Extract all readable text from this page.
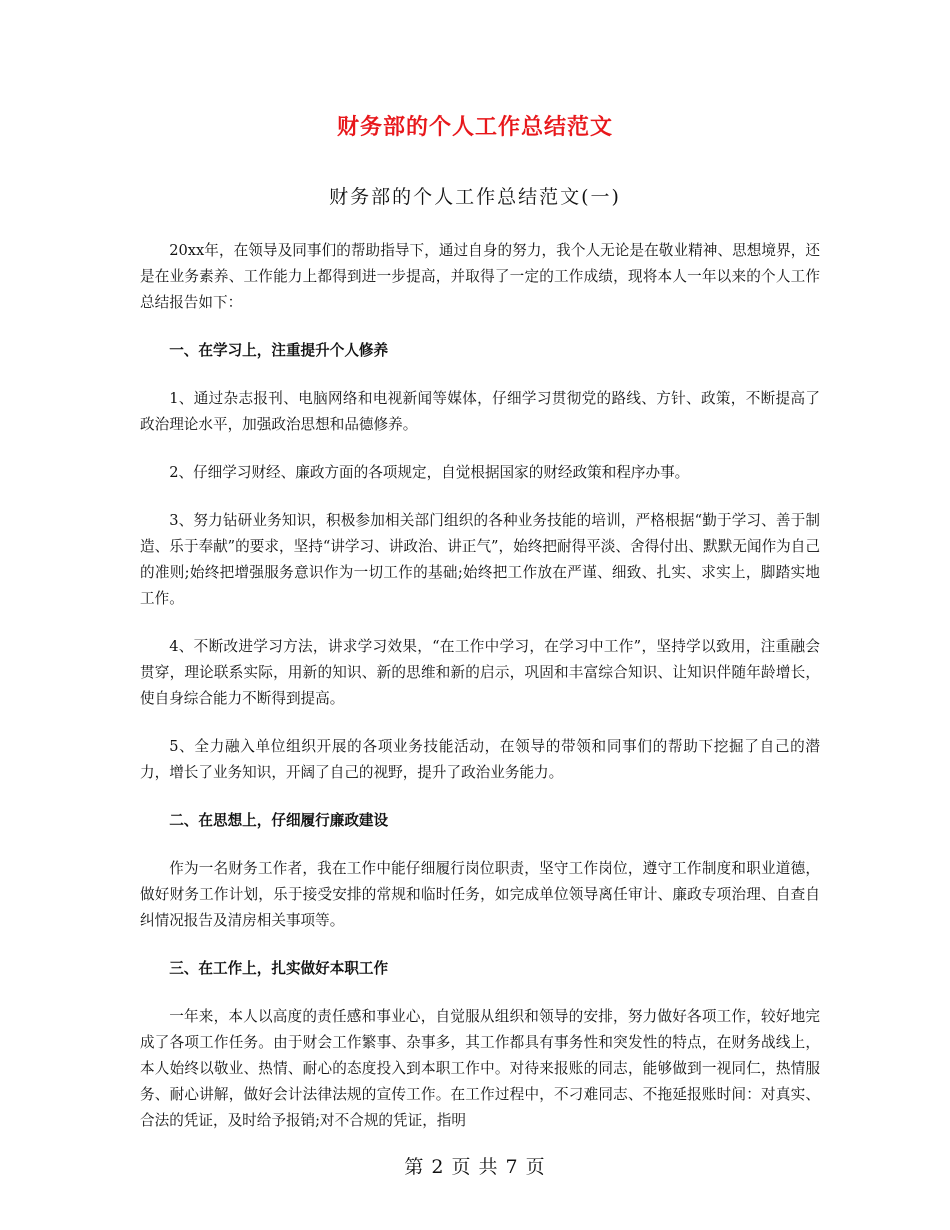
财务部的个人工作总结范文
财务部的个人工作总结范文(一)

20xx年，在领导及同事们的帮助指导下，通过自身的努力，我个人无论是在敬业精神、思想境界，还是在业务素养、工作能力上都得到进一步提高，并取得了一定的工作成绩，现将本人一年以来的个人工作总结报告如下：

一、在学习上，注重提升个人修养

1、通过杂志报刊、电脑网络和电视新闻等媒体，仔细学习贯彻党的路线、方针、政策，不断提高了政治理论水平，加强政治思想和品德修养。

2、仔细学习财经、廉政方面的各项规定，自觉根据国家的财经政策和程序办事。

3、努力钻研业务知识，积极参加相关部门组织的各种业务技能的培训，严格根据“勤于学习、善于制造、乐于奉献”的要求，坚持“讲学习、讲政治、讲正气”，始终把耐得平淡、舍得付出、默默无闻作为自己的准则;始终把增强服务意识作为一切工作的基础;始终把工作放在严谨、细致、扎实、求实上，脚踏实地工作。

4、不断改进学习方法，讲求学习效果，“在工作中学习，在学习中工作”，坚持学以致用，注重融会贯穿，理论联系实际，用新的知识、新的思维和新的启示，巩固和丰富综合知识、让知识伴随年龄增长，使自身综合能力不断得到提高。

5、全力融入单位组织开展的各项业务技能活动，在领导的带领和同事们的帮助下挖掘了自己的潜力，增长了业务知识，开阔了自己的视野，提升了政治业务能力。

二、在思想上，仔细履行廉政建设

作为一名财务工作者，我在工作中能仔细履行岗位职责，坚守工作岗位，遵守工作制度和职业道德，做好财务工作计划，乐于接受安排的常规和临时任务，如完成单位领导离任审计、廉政专项治理、自查自纠情况报告及清房相关事项等。

三、在工作上，扎实做好本职工作

一年来，本人以高度的责任感和事业心，自觉服从组织和领导的安排，努力做好各项工作，较好地完成了各项工作任务。由于财会工作繁事、杂事多，其工作都具有事务性和突发性的特点，在财务战线上，本人始终以敬业、热情、耐心的态度投入到本职工作中。对待来报账的同志，能够做到一视同仁，热情服务、耐心讲解，做好会计法律法规的宣传工作。在工作过程中，不刁难同志、不拖延报账时间：对真实、合法的凭证，及时给予报销;对不合规的凭证，指明

第 2 页 共 7 页
